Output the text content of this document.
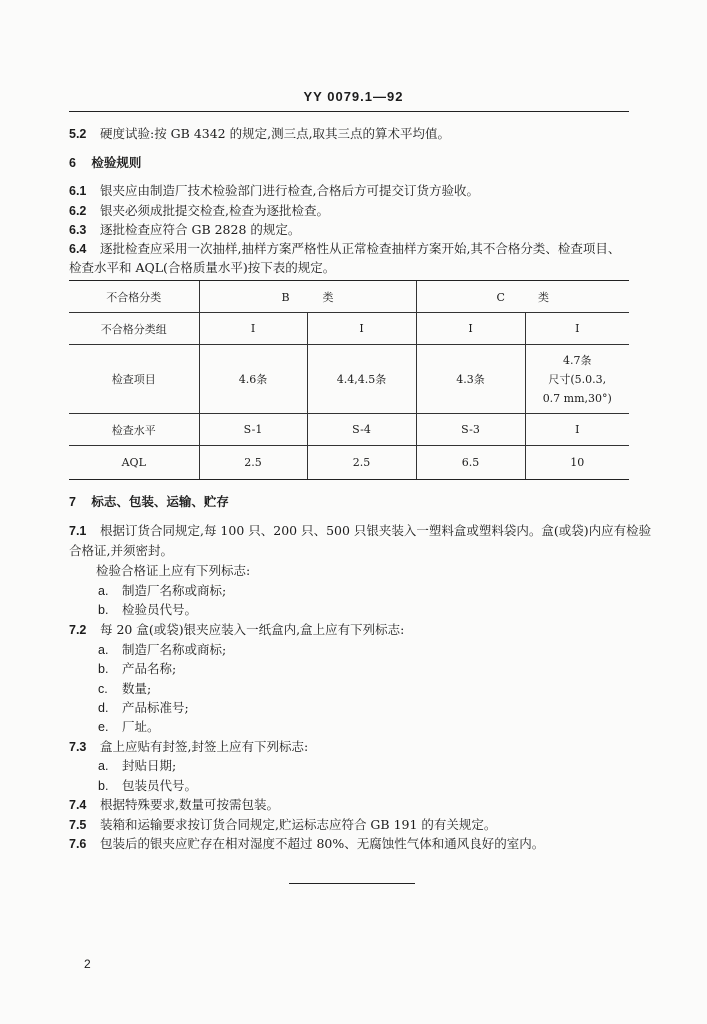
YY 0079.1—92
5.2 硬度试验:按 GB 4342 的规定,测三点,取其三点的算术平均值。
6 检验规则
6.1 银夹应由制造厂技术检验部门进行检查,合格后方可提交订货方验收。
6.2 银夹必须成批提交检查,检查为逐批检查。
6.3 逐批检查应符合 GB 2828 的规定。
6.4 逐批检查应采用一次抽样,抽样方案严格性从正常检查抽样方案开始,其不合格分类、检查项目、
检查水平和 AQL(合格质量水平)按下表的规定。
不合格分类	B　　　类		C　　　类	
不合格分类组	I	I	I	I
检查项目	4.6条	4.4,4.5条	4.3条	4.7条
尺寸(5.0.3,
0.7 mm,30°)

检查水平	S-1	S-4	S-3	I
AQL	2.5	2.5	6.5	10
7 标志、包装、运输、贮存
7.1 根据订货合同规定,每 100 只、200 只、500 只银夹装入一塑料盒或塑料袋内。盒(或袋)内应有检验
合格证,并须密封。
检验合格证上应有下列标志:
a. 制造厂名称或商标;
b. 检验员代号。
7.2 每 20 盒(或袋)银夹应装入一纸盒内,盒上应有下列标志:
a. 制造厂名称或商标;
b. 产品名称;
c. 数量;
d. 产品标准号;
e. 厂址。
7.3 盒上应贴有封签,封签上应有下列标志:
a. 封贴日期;
b. 包装员代号。
7.4 根据特殊要求,数量可按需包装。
7.5 装箱和运输要求按订货合同规定,贮运标志应符合 GB 191 的有关规定。
7.6 包装后的银夹应贮存在相对湿度不超过 80%、无腐蚀性气体和通风良好的室内。
2
